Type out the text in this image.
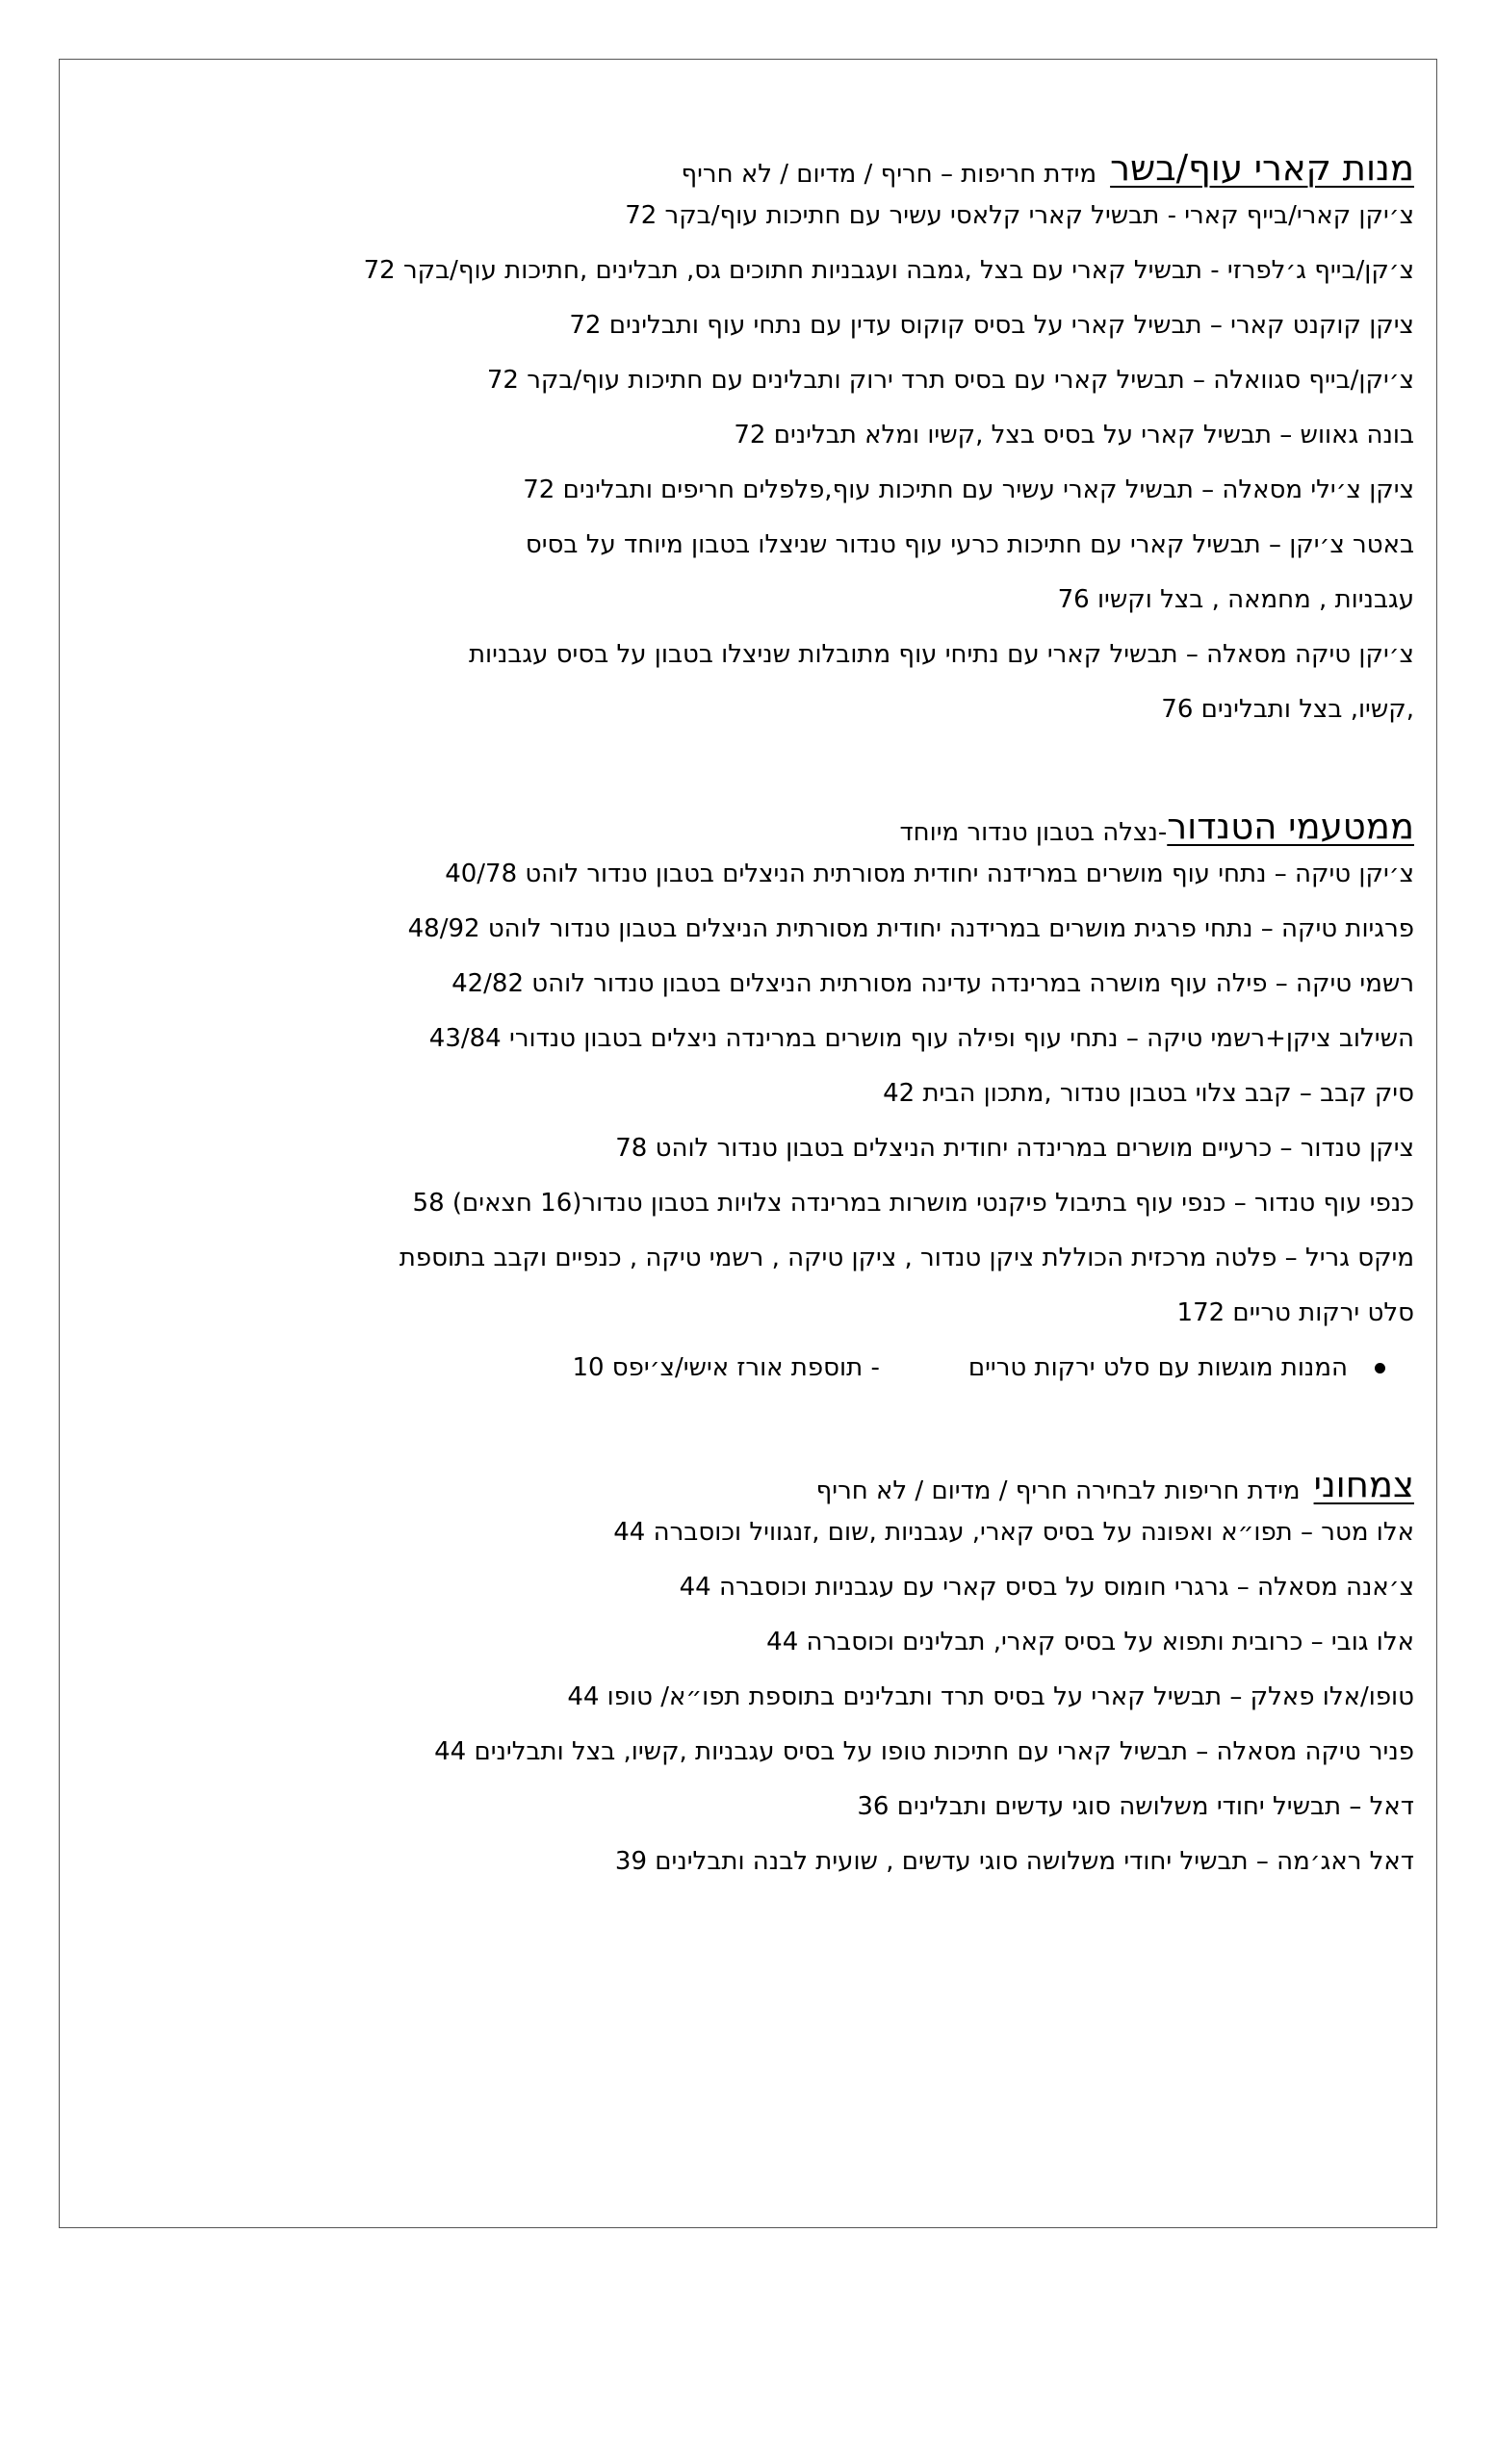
מנות קארי עוף/בשר
מידת חריפות – חריף / מדיום / לא חריף
צ׳יקן קארי/בייף קארי - תבשיל קארי קלאסי עשיר עם חתיכות עוף/בקר 72
צ׳קן/בייף ג׳לפרזי - תבשיל קארי עם בצל ,גמבה ועגבניות חתוכים גס, תבלינים ,חתיכות עוף/בקר 72
ציקן קוקנט קארי – תבשיל קארי על בסיס קוקוס עדין עם נתחי עוף ותבלינים 72
צ׳יקן/בייף סגוואלה – תבשיל קארי עם בסיס תרד ירוק ותבלינים עם חתיכות עוף/בקר 72
בונה גאווש – תבשיל קארי על בסיס בצל ,קשיו ומלא תבלינים 72
ציקן צ׳ילי מסאלה – תבשיל קארי עשיר עם חתיכות עוף,פלפלים חריפים ותבלינים 72
באטר צ׳יקן – תבשיל קארי עם חתיכות כרעי עוף טנדור שניצלו בטבון מיוחד על בסיס
עגבניות , מחמאה , בצל וקשיו 76
צ׳יקן טיקה מסאלה – תבשיל קארי עם נתיחי עוף מתובלות שניצלו בטבון על בסיס עגבניות
,קשיו, בצל ותבלינים 76
ממטעמי הטנדור
-נצלה בטבון טנדור מיוחד
צ׳יקן טיקה – נתחי עוף מושרים במרידנה יחודית מסורתית הניצלים בטבון טנדור לוהט 40/78
פרגיות טיקה – נתחי פרגית מושרים במרידנה יחודית מסורתית הניצלים בטבון טנדור לוהט 48/92
רשמי טיקה – פילה עוף מושרה במרינדה עדינה מסורתית הניצלים בטבון טנדור לוהט 42/82
השילוב ציקן+רשמי טיקה – נתחי עוף ופילה עוף מושרים במרינדה ניצלים בטבון טנדורי 43/84
סיק קבב – קבב צלוי בטבון טנדור ,מתכון הבית 42
ציקן טנדור – כרעיים מושרים במרינדה יחודית הניצלים בטבון טנדור לוהט 78
כנפי עוף טנדור – כנפי עוף בתיבול פיקנטי מושרות במרינדה צלויות בטבון טנדור(16 חצאים) 58
מיקס גריל – פלטה מרכזית הכוללת ציקן טנדור , ציקן טיקה , רשמי טיקה , כנפיים וקבב בתוספת
סלט ירקות טריים 172
המנות מוגשות עם סלט ירקות טריים
- תוספת אורז אישי/צ׳יפס 10
צמחוני
מידת חריפות לבחירה חריף / מדיום / לא חריף
אלו מטר – תפו״א ואפונה על בסיס קארי, עגבניות ,שום ,זנגוויל וכוסברה 44
צ׳אנה מסאלה – גרגרי חומוס על בסיס קארי עם עגבניות וכוסברה 44
אלו גובי – כרובית ותפוא על בסיס קארי, תבלינים וכוסברה 44
טופו/אלו פאלק – תבשיל קארי על בסיס תרד ותבלינים בתוספת תפו״א/ טופו 44
פניר טיקה מסאלה – תבשיל קארי עם חתיכות טופו על בסיס עגבניות ,קשיו, בצל ותבלינים 44
דאל – תבשיל יחודי משלושה סוגי עדשים ותבלינים 36
דאל ראג׳מה – תבשיל יחודי משלושה סוגי עדשים , שועית לבנה ותבלינים 39
